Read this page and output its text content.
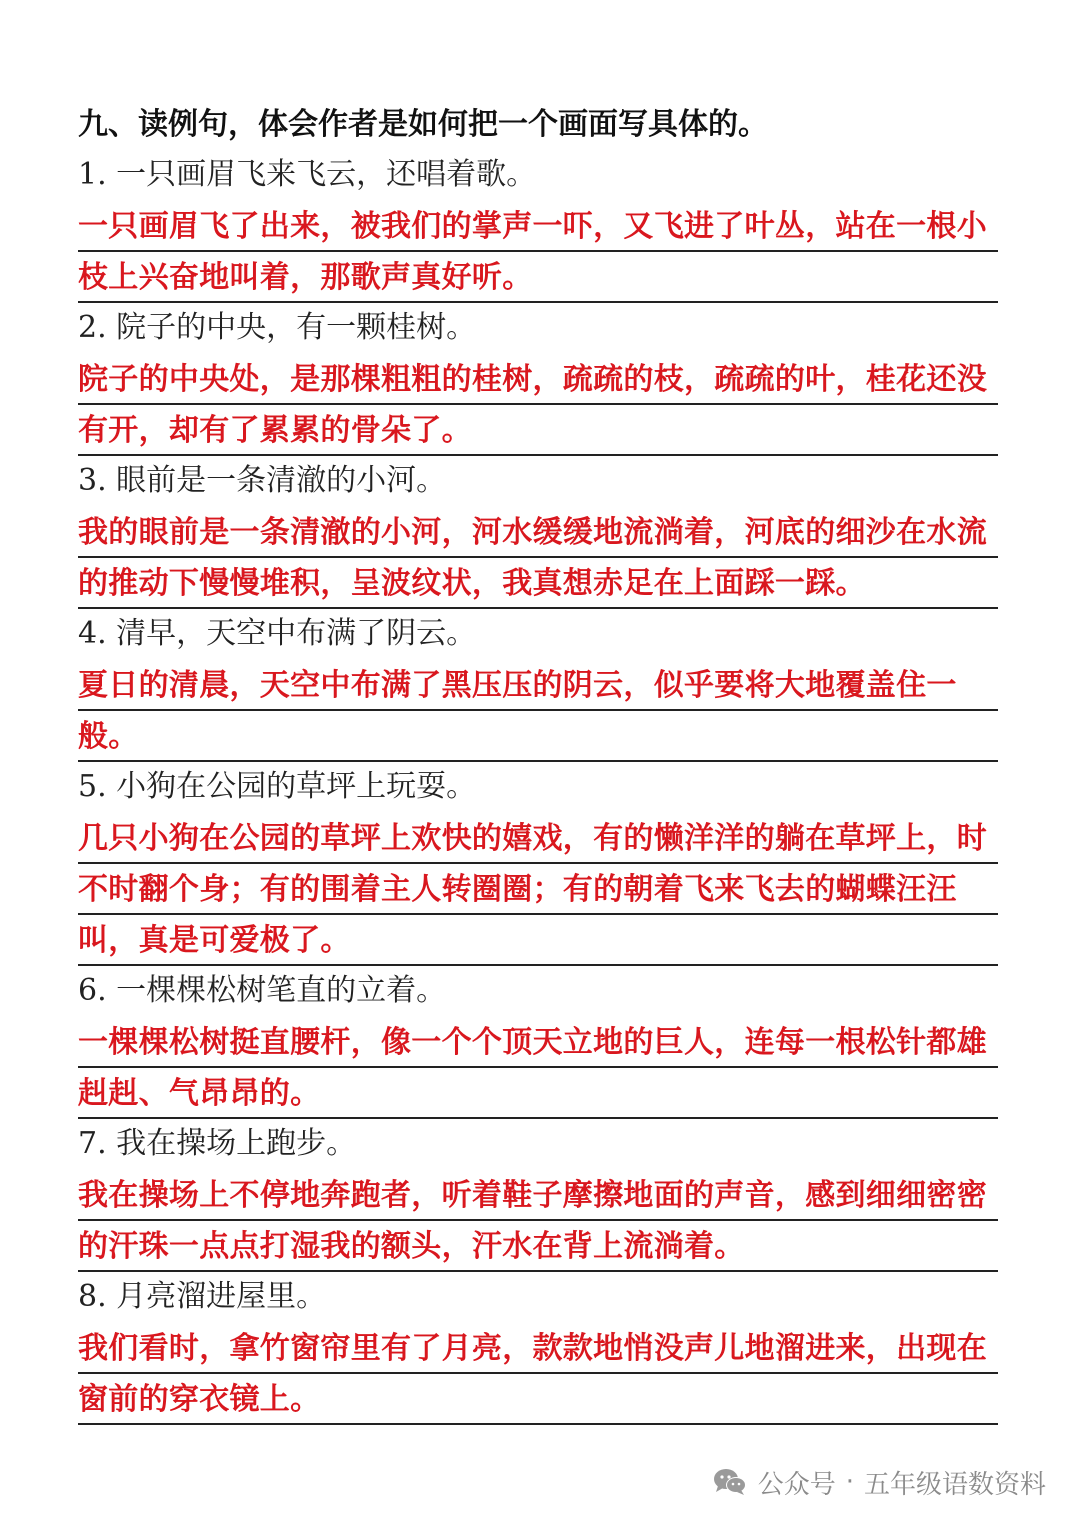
九、读例句，体会作者是如何把一个画面写具体的。
1. 一只画眉飞来飞云，还唱着歌。

一只画眉飞了出来，被我们的掌声一吓，又飞进了叶丛，站在一根小枝上兴奋地叫着，那歌声真好听。

2. 院子的中央，有一颗桂树。

院子的中央处，是那棵粗粗的桂树，疏疏的枝，疏疏的叶，桂花还没有开，却有了累累的骨朵了。

3. 眼前是一条清澈的小河。

我的眼前是一条清澈的小河，河水缓缓地流淌着，河底的细沙在水流的推动下慢慢堆积，呈波纹状，我真想赤足在上面踩一踩。

4. 清早，天空中布满了阴云。

夏日的清晨，天空中布满了黑压压的阴云，似乎要将大地覆盖住一般。

5. 小狗在公园的草坪上玩耍。

几只小狗在公园的草坪上欢快的嬉戏，有的懒洋洋的躺在草坪上，时不时翻个身；有的围着主人转圈圈；有的朝着飞来飞去的蝴蝶汪汪叫，真是可爱极了。

6. 一棵棵松树笔直的立着。

一棵棵松树挺直腰杆，像一个个顶天立地的巨人，连每一根松针都雄赳赳、气昂昂的。

7. 我在操场上跑步。

我在操场上不停地奔跑者，听着鞋子摩擦地面的声音，感到细细密密的汗珠一点点打湿我的额头，汗水在背上流淌着。

8. 月亮溜进屋里。

我们看时，拿竹窗帘里有了月亮，款款地悄没声儿地溜进来，出现在窗前的穿衣镜上。

公众号 · 五年级语数资料
